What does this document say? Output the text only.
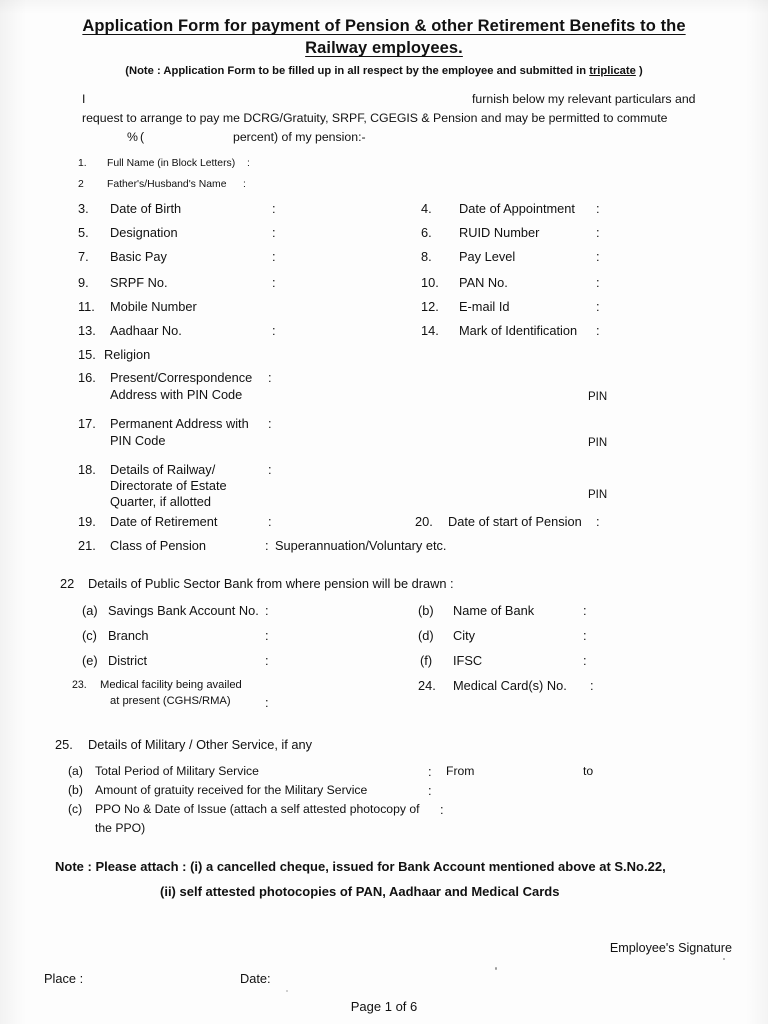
Application Form for payment of Pension & other Retirement Benefits to the Railway employees.
(Note : Application Form to be filled up in all respect by the employee and submitted in triplicate )
I	furnish below my relevant particulars and
request to arrange to pay me DCRG/Gratuity, SRPF, CGEGIS & Pension and may be permitted to commute
% (	percent) of my pension:-
1. Full Name (in Block Letters) :
2 Father's/Husband's Name :
3. Date of Birth	:	4. Date of Appointment :
5. Designation	:	6. RUID Number	:
7. Basic Pay	:	8. Pay Level	:
9. SRPF No.	:	10. PAN No.	:
11. Mobile Number	12. E-mail Id	:
13. Aadhaar No.	:	14. Mark of Identification :
15. Religion
16. Present/Correspondence
Address with PIN Code
:
PIN
17. Permanent Address with
PIN Code
:
PIN
18. Details of Railway/
Directorate of Estate
Quarter, if allotted
:
PIN
19. Date of Retirement	:	20. Date of start of Pension :
21. Class of Pension	: Superannuation/Voluntary etc.
22 Details of Public Sector Bank from where pension will be drawn :
(a) Savings Bank Account No. :	(b) Name of Bank	:
(c) Branch	:	(d) City	:
(e) District	:	(f) IFSC	:
23. Medical facility being availed
at present (CGHS/RMA)	:
24. Medical Card(s) No. :
25. Details of Military / Other Service, if any
(a) Total Period of Military Service	: From	to
(b) Amount of gratuity received for the Military Service	:
(c) PPO No & Date of Issue (attach a self attested photocopy of :
the PPO)
Note : Please attach : (i) a cancelled cheque, issued for Bank Account mentioned above at S.No.22,
(ii) self attested photocopies of PAN, Aadhaar and Medical Cards
Employee's Signature
Place :	Date:
Page 1 of 6
